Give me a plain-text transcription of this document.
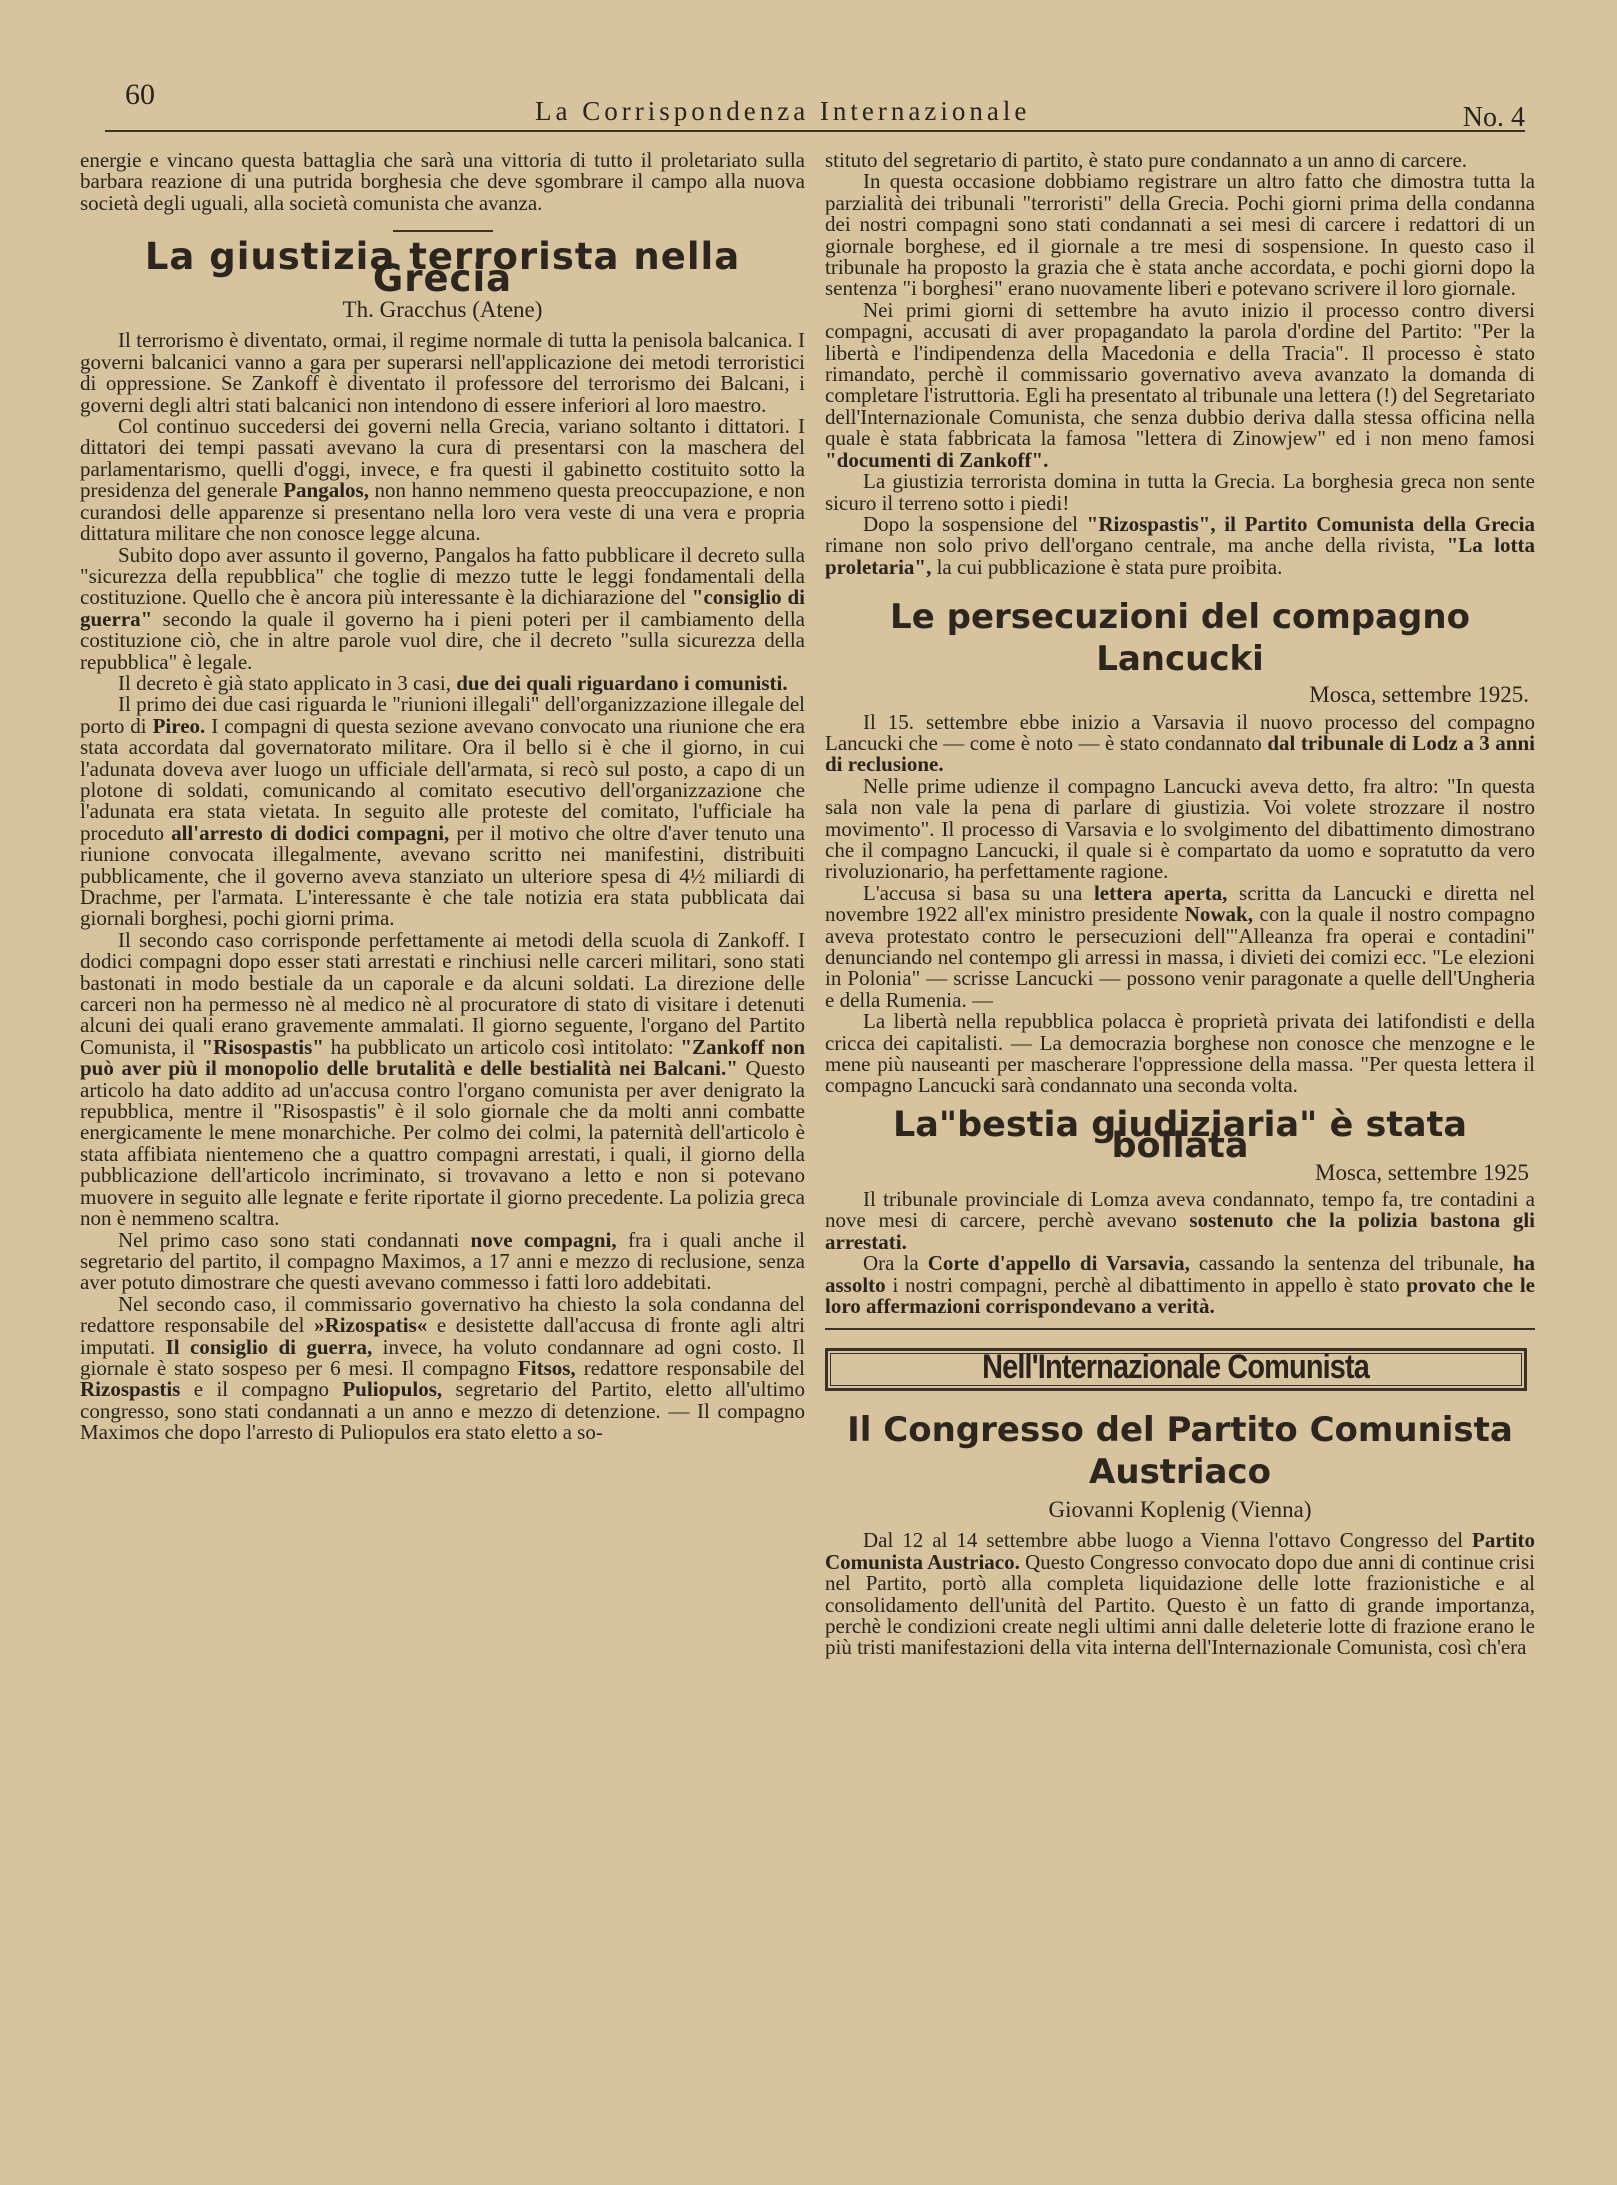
60	La Corrispondenza Internazionale	No. 4

energie e vincano questa battaglia che sarà una vittoria di tutto il proletariato sulla barbara reazione di una putrida borghesia che deve sgombrare il campo alla nuova società degli uguali, alla società comunista che avanza.

La giustizia terrorista nella Grecia
Th. Gracchus (Atene)

Il terrorismo è diventato, ormai, il regime normale di tutta la penisola balcanica. I governi balcanici vanno a gara per superarsi nell'applicazione dei metodi terroristici di oppressione. Se Zankoff è diventato il professore del terrorismo dei Balcani, i governi degli altri stati balcanici non intendono di essere inferiori al loro maestro.

Col continuo succedersi dei governi nella Grecia, variano soltanto i dittatori. I dittatori dei tempi passati avevano la cura di presentarsi con la maschera del parlamentarismo, quelli d'oggi, invece, e fra questi il gabinetto costituito sotto la presidenza del generale Pangalos, non hanno nemmeno questa preoccupazione, e non curandosi delle apparenze si presentano nella loro vera veste di una vera e propria dittatura militare che non conosce legge alcuna.

Subito dopo aver assunto il governo, Pangalos ha fatto pubblicare il decreto sulla "sicurezza della repubblica" che toglie di mezzo tutte le leggi fondamentali della costituzione. Quello che è ancora più interessante è la dichiarazione del "consiglio di guerra" secondo la quale il governo ha i pieni poteri per il cambiamento della costituzione ciò, che in altre parole vuol dire, che il decreto "sulla sicurezza della repubblica" è legale.

Il decreto è già stato applicato in 3 casi, due dei quali riguardano i comunisti.

Il primo dei due casi riguarda le "riunioni illegali" dell'organizzazione illegale del porto di Pireo. I compagni di questa sezione avevano convocato una riunione che era stata accordata dal governatorato militare. Ora il bello si è che il giorno, in cui l'adunata doveva aver luogo un ufficiale dell'armata, si recò sul posto, a capo di un plotone di soldati, comunicando al comitato esecutivo dell'organizzazione che l'adunata era stata vietata. In seguito alle proteste del comitato, l'ufficiale ha proceduto all'arresto di dodici compagni, per il motivo che oltre d'aver tenuto una riunione convocata illegalmente, avevano scritto nei manifestini, distribuiti pubblicamente, che il governo aveva stanziato un ulteriore spesa di 4½ miliardi di Drachme, per l'armata. L'interessante è che tale notizia era stata pubblicata dai giornali borghesi, pochi giorni prima.

Il secondo caso corrisponde perfettamente ai metodi della scuola di Zankoff. I dodici compagni dopo esser stati arrestati e rinchiusi nelle carceri militari, sono stati bastonati in modo bestiale da un caporale e da alcuni soldati. La direzione delle carceri non ha permesso nè al medico nè al procuratore di stato di visitare i detenuti alcuni dei quali erano gravemente ammalati. Il giorno seguente, l'organo del Partito Comunista, il "Risospastis" ha pubblicato un articolo così intitolato: "Zankoff non può aver più il monopolio delle brutalità e delle bestialità nei Balcani." Questo articolo ha dato addito ad un'accusa contro l'organo comunista per aver denigrato la repubblica, mentre il "Risospastis" è il solo giornale che da molti anni combatte energicamente le mene monarchiche. Per colmo dei colmi, la paternità dell'articolo è stata affibiata nientemeno che a quattro compagni arrestati, i quali, il giorno della pubblicazione dell'articolo incriminato, si trovavano a letto e non si potevano muovere in seguito alle legnate e ferite riportate il giorno precedente. La polizia greca non è nemmeno scaltra.

Nel primo caso sono stati condannati nove compagni, fra i quali anche il segretario del partito, il compagno Maximos, a 17 anni e mezzo di reclusione, senza aver potuto dimostrare che questi avevano commesso i fatti loro addebitati.

Nel secondo caso, il commissario governativo ha chiesto la sola condanna del redattore responsabile del »Rizospatis« e desistette dall'accusa di fronte agli altri imputati. Il consiglio di guerra, invece, ha voluto condannare ad ogni costo. Il giornale è stato sospeso per 6 mesi. Il compagno Fitsos, redattore responsabile del Rizospastis e il compagno Puliopulos, segretario del Partito, eletto all'ultimo congresso, sono stati condannati a un anno e mezzo di detenzione. — Il compagno Maximos che dopo l'arresto di Puliopulos era stato eletto a so-

stituto del segretario di partito, è stato pure condannato a un anno di carcere.

In questa occasione dobbiamo registrare un altro fatto che dimostra tutta la parzialità dei tribunali "terroristi" della Grecia. Pochi giorni prima della condanna dei nostri compagni sono stati condannati a sei mesi di carcere i redattori di un giornale borghese, ed il giornale a tre mesi di sospensione. In questo caso il tribunale ha proposto la grazia che è stata anche accordata, e pochi giorni dopo la sentenza "i borghesi" erano nuovamente liberi e potevano scrivere il loro giornale.

Nei primi giorni di settembre ha avuto inizio il processo contro diversi compagni, accusati di aver propagandato la parola d'ordine del Partito: "Per la libertà e l'indipendenza della Macedonia e della Tracia". Il processo è stato rimandato, perchè il commissario governativo aveva avanzato la domanda di completare l'istruttoria. Egli ha presentato al tribunale una lettera (!) del Segretariato dell'Internazionale Comunista, che senza dubbio deriva dalla stessa officina nella quale è stata fabbricata la famosa "lettera di Zinowjew" ed i non meno famosi "documenti di Zankoff".

La giustizia terrorista domina in tutta la Grecia. La borghesia greca non sente sicuro il terreno sotto i piedi!

Dopo la sospensione del "Rizospastis", il Partito Comunista della Grecia rimane non solo privo dell'organo centrale, ma anche della rivista, "La lotta proletaria", la cui pubblicazione è stata pure proibita.

Le persecuzioni del compagno Lancucki
Mosca, settembre 1925.

Il 15. settembre ebbe inizio a Varsavia il nuovo processo del compagno Lancucki che — come è noto — è stato condannato dal tribunale di Lodz a 3 anni di reclusione.

Nelle prime udienze il compagno Lancucki aveva detto, fra altro: "In questa sala non vale la pena di parlare di giustizia. Voi volete strozzare il nostro movimento". Il processo di Varsavia e lo svolgimento del dibattimento dimostrano che il compagno Lancucki, il quale si è compartato da uomo e sopratutto da vero rivoluzionario, ha perfettamente ragione.

L'accusa si basa su una lettera aperta, scritta da Lancucki e diretta nel novembre 1922 all'ex ministro presidente Nowak, con la quale il nostro compagno aveva protestato contro le persecuzioni dell'"Alleanza fra operai e contadini" denunciando nel contempo gli arressi in massa, i divieti dei comizi ecc. "Le elezioni in Polonia" — scrisse Lancucki — possono venir paragonate a quelle dell'Ungheria e della Rumenia. —

La libertà nella repubblica polacca è proprietà privata dei latifondisti e della cricca dei capitalisti. — La democrazia borghese non conosce che menzogne e le mene più nauseanti per mascherare l'oppressione della massa. "Per questa lettera il compagno Lancucki sarà condannato una seconda volta.

La"bestia giudiziaria" è stata bollata
Mosca, settembre 1925

Il tribunale provinciale di Lomza aveva condannato, tempo fa, tre contadini a nove mesi di carcere, perchè avevano sostenuto che la polizia bastona gli arrestati.

Ora la Corte d'appello di Varsavia, cassando la sentenza del tribunale, ha assolto i nostri compagni, perchè al dibattimento in appello è stato provato che le loro affermazioni corrispondevano a verità.

Nell'Internazionale Comunista
Il Congresso del Partito Comunista Austriaco
Giovanni Koplenig (Vienna)

Dal 12 al 14 settembre abbe luogo a Vienna l'ottavo Congresso del Partito Comunista Austriaco. Questo Congresso convocato dopo due anni di continue crisi nel Partito, portò alla completa liquidazione delle lotte frazionistiche e al consolidamento dell'unità del Partito. Questo è un fatto di grande importanza, perchè le condizioni create negli ultimi anni dalle deleterie lotte di frazione erano le più tristi manifestazioni della vita interna dell'Internazionale Comunista, così ch'era
